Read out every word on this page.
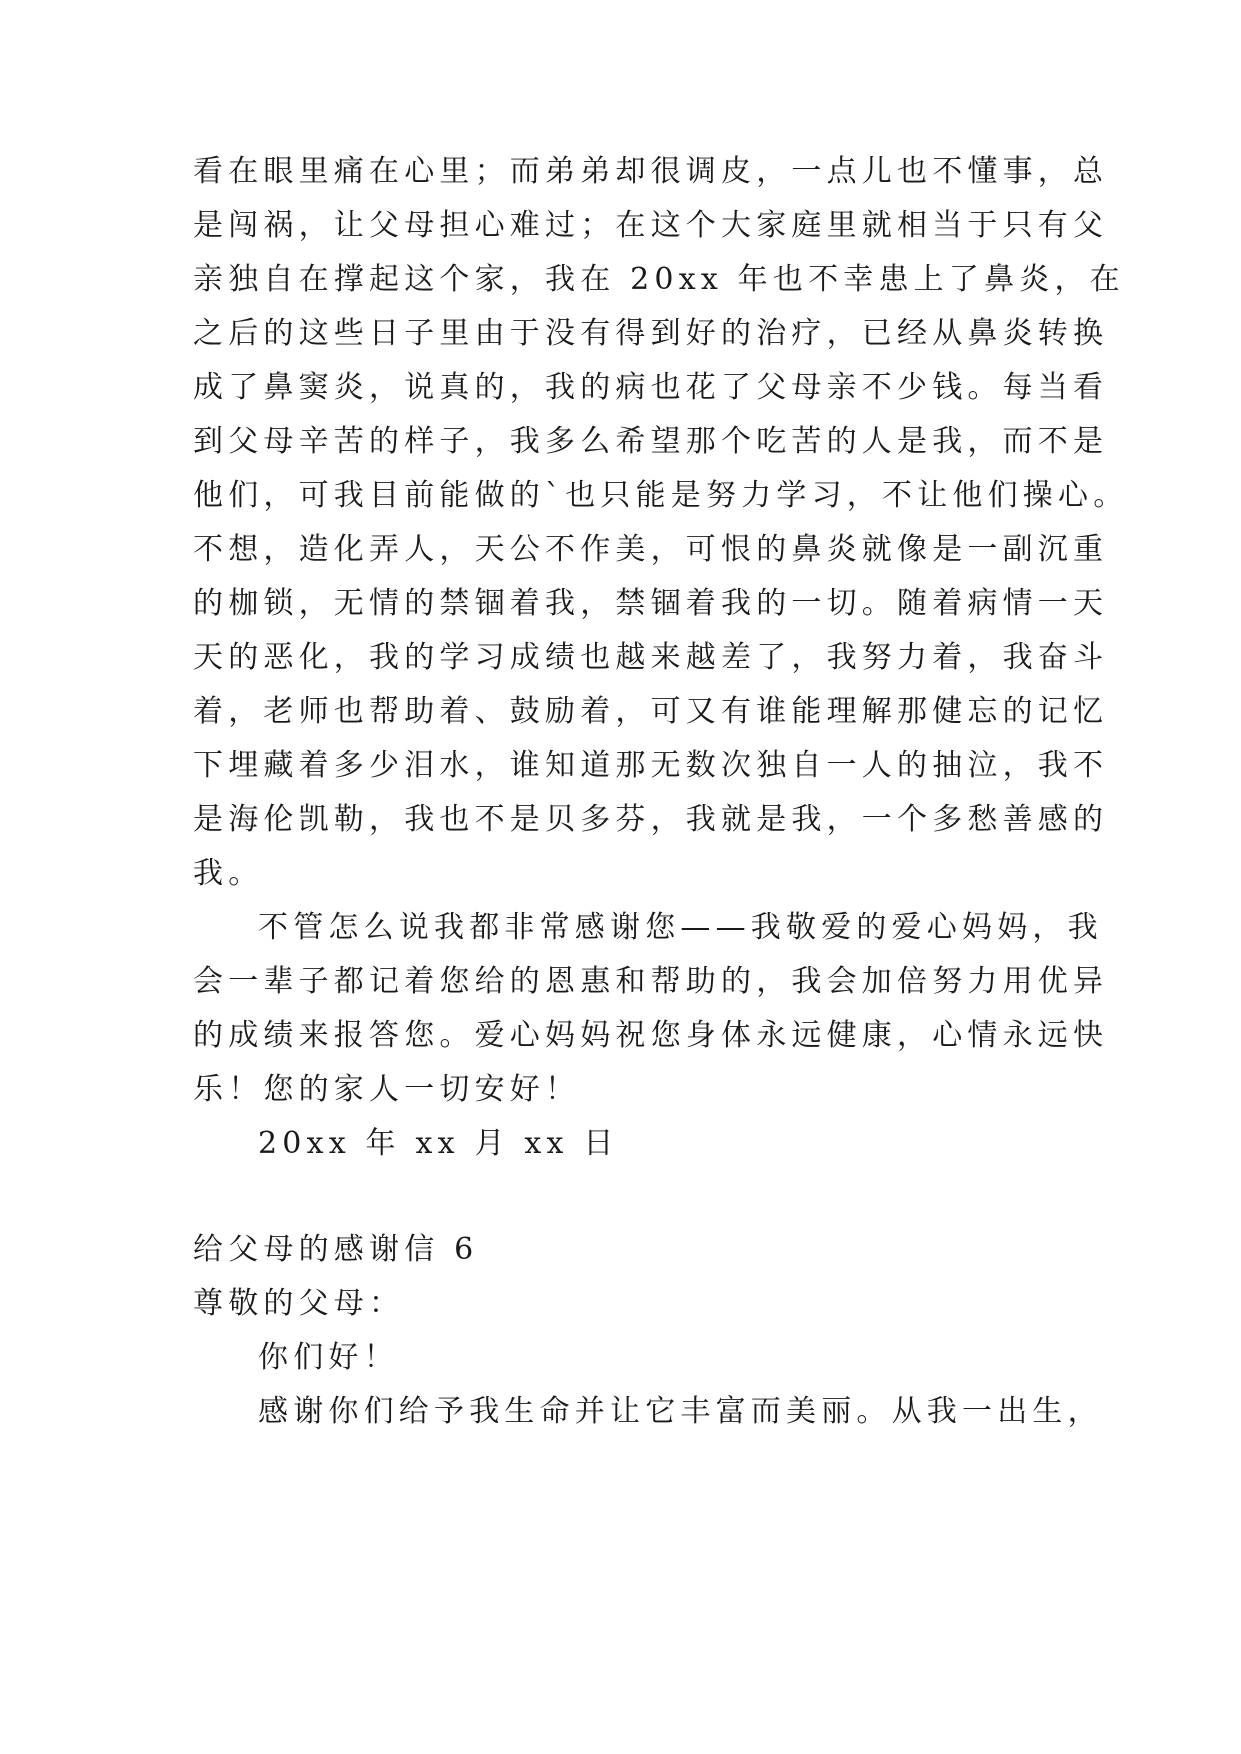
看在眼里痛在心里；而弟弟却很调皮，一点儿也不懂事，总
是闯祸，让父母担心难过；在这个大家庭里就相当于只有父
亲独自在撑起这个家，我在 20xx 年也不幸患上了鼻炎，在
之后的这些日子里由于没有得到好的治疗，已经从鼻炎转换
成了鼻窦炎，说真的，我的病也花了父母亲不少钱。每当看
到父母辛苦的样子，我多么希望那个吃苦的人是我，而不是
他们，可我目前能做的`也只能是努力学习，不让他们操心。
不想，造化弄人，天公不作美，可恨的鼻炎就像是一副沉重
的枷锁，无情的禁锢着我，禁锢着我的一切。随着病情一天
天的恶化，我的学习成绩也越来越差了，我努力着，我奋斗
着，老师也帮助着、鼓励着，可又有谁能理解那健忘的记忆
下埋藏着多少泪水，谁知道那无数次独自一人的抽泣，我不
是海伦凯勒，我也不是贝多芬，我就是我，一个多愁善感的
我。
不管怎么说我都非常感谢您——我敬爱的爱心妈妈，我
会一辈子都记着您给的恩惠和帮助的，我会加倍努力用优异
的成绩来报答您。爱心妈妈祝您身体永远健康，心情永远快
乐！您的家人一切安好！
20xx 年 xx 月 xx 日
给父母的感谢信 6
尊敬的父母：
你们好！
感谢你们给予我生命并让它丰富而美丽。从我一出生，
